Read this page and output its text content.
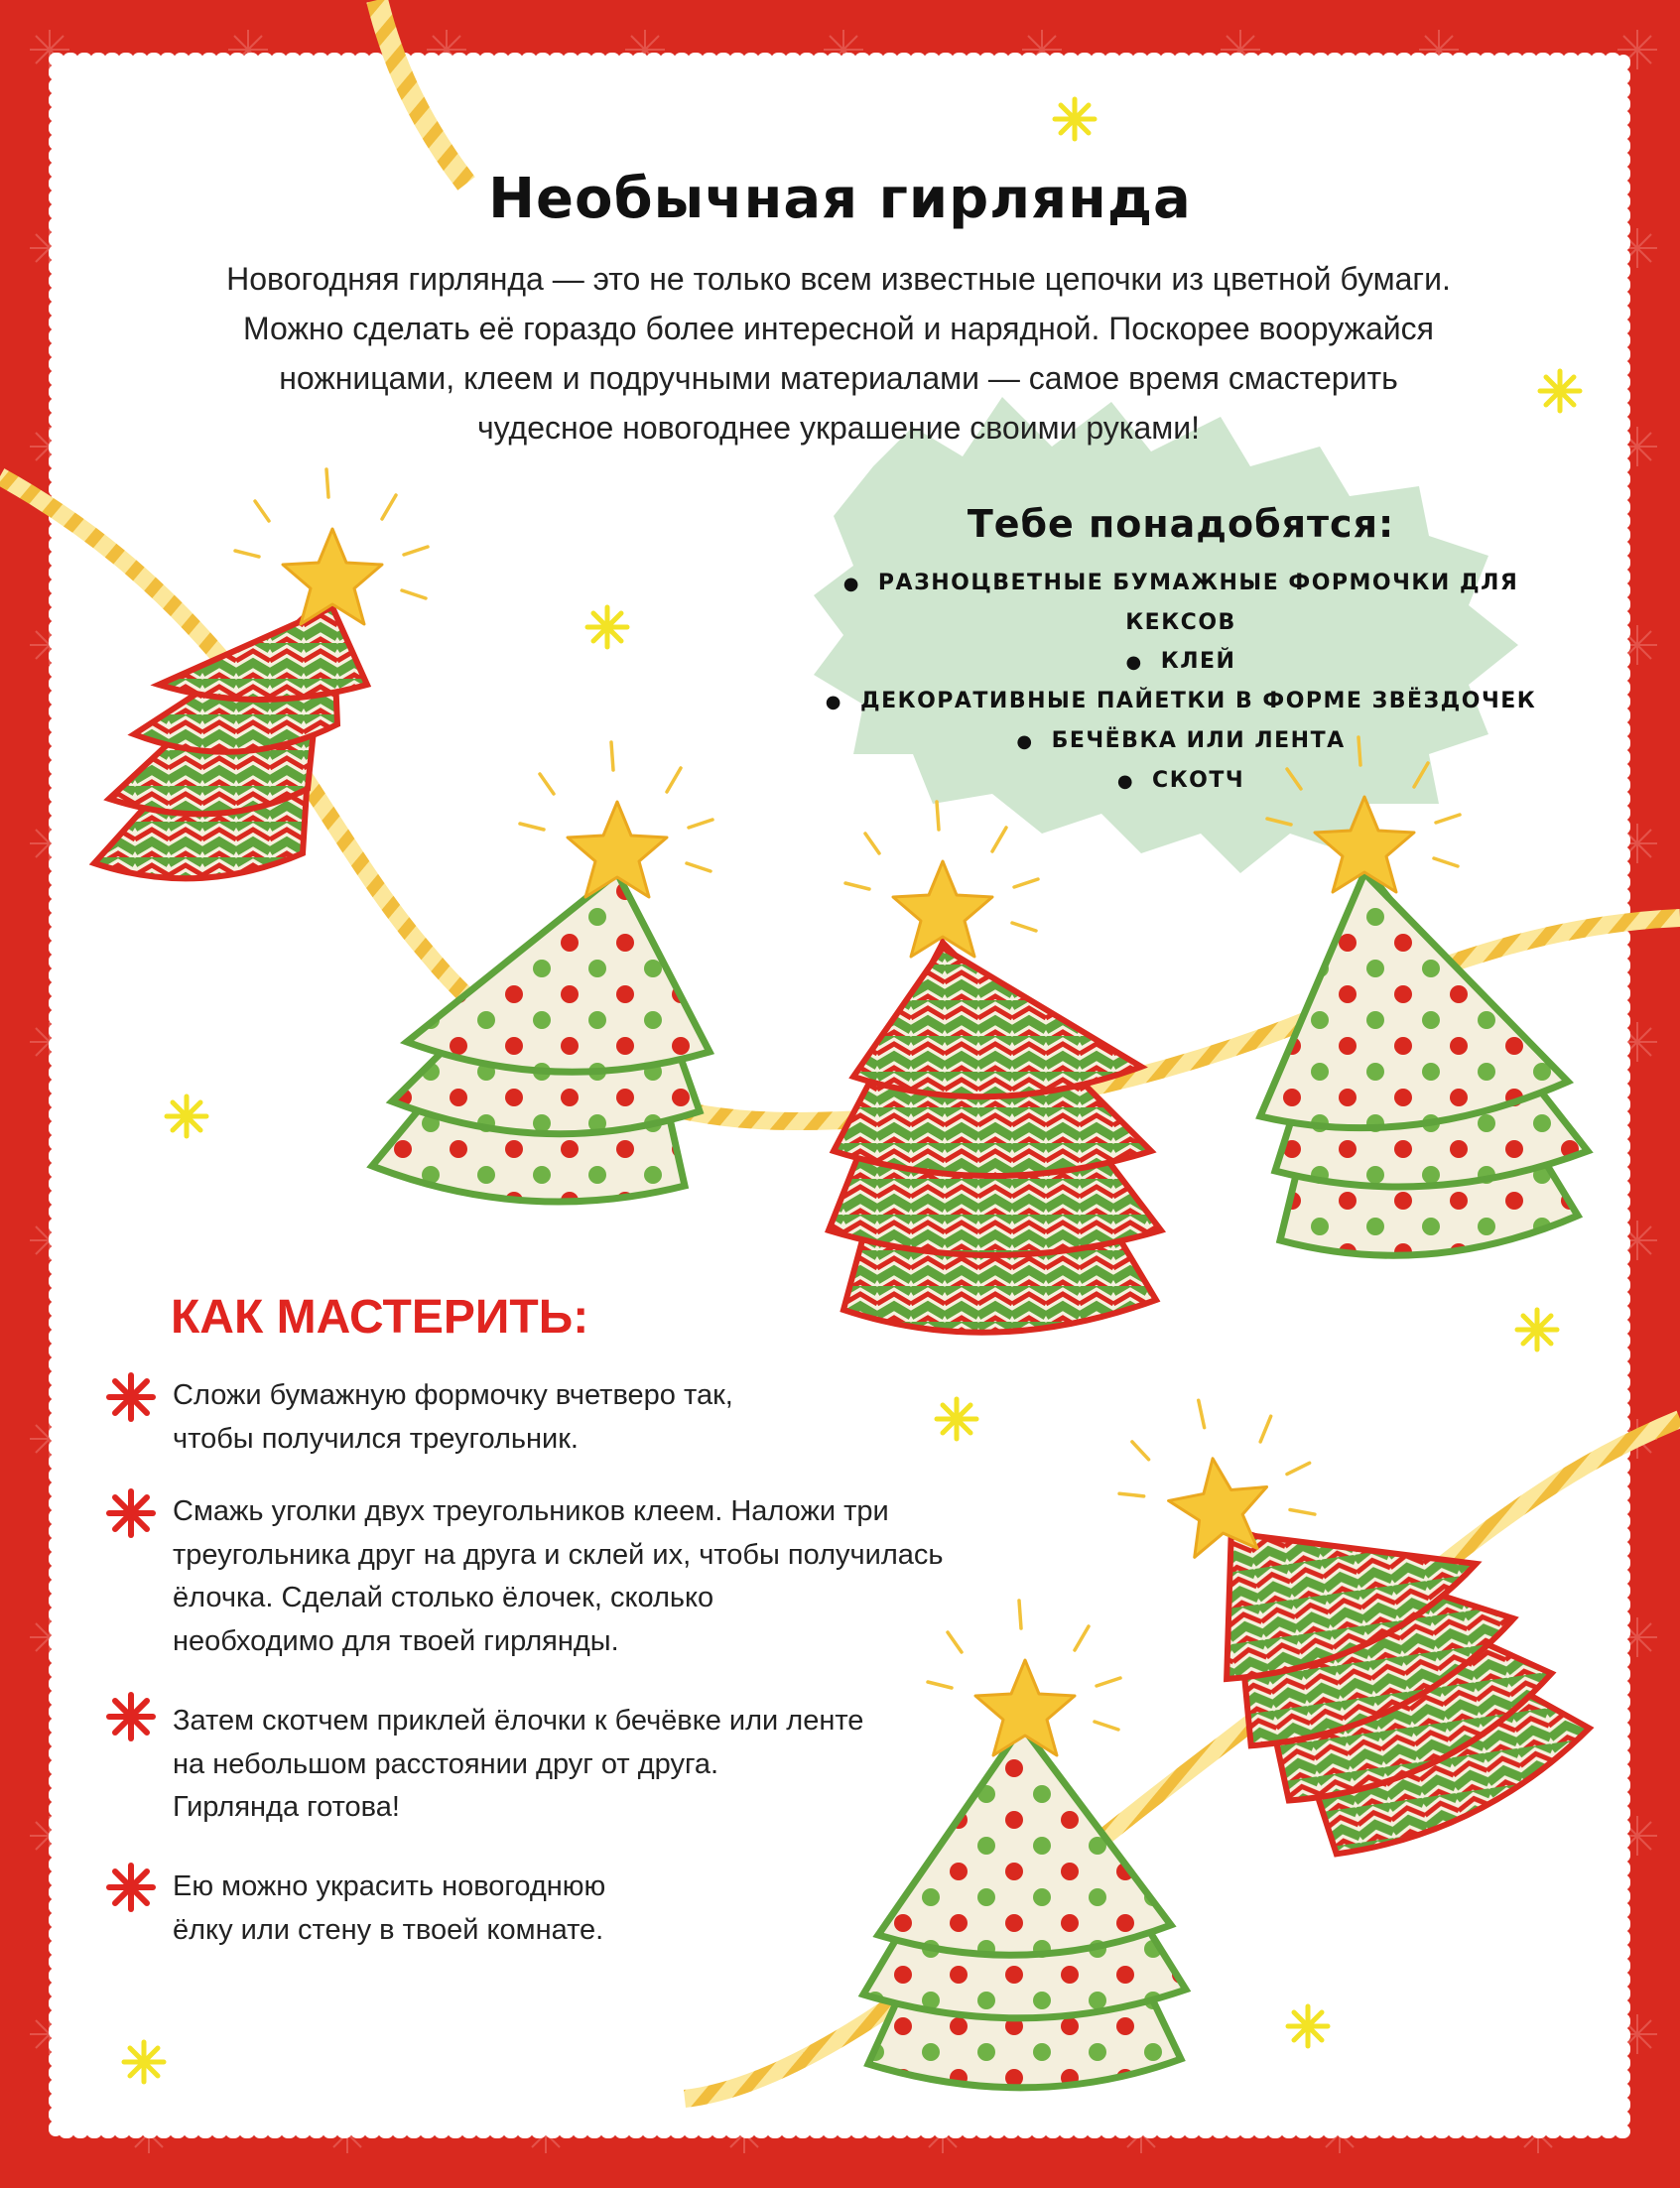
Необычная гирлянда

Новогодняя гирлянда — это не только всем известные цепочки из цветной бумаги.
Можно сделать её гораздо более интересной и нарядной. Поскорее вооружайся
ножницами, клеем и подручными материалами — самое время смастерить
чудесное новогоднее украшение своими руками!

Тебе понадобятся:
● РАЗНОЦВЕТНЫЕ БУМАЖНЫЕ ФОРМОЧКИ ДЛЯ КЕКСОВ
● КЛЕЙ
● ДЕКОРАТИВНЫЕ ПАЙЕТКИ В ФОРМЕ ЗВЁЗДОЧЕК
● БЕЧЁВКА ИЛИ ЛЕНТА
● СКОТЧ
КАК МАСТЕРИТЬ:

Сложи бумажную формочку вчетверо так,
чтобы получился треугольник.

Смажь уголки двух треугольников клеем. Наложи три
треугольника друг на друга и склей их, чтобы получилась
ёлочка. Сделай столько ёлочек, сколько
необходимо для твоей гирлянды.

Затем скотчем приклей ёлочки к бечёвке или ленте
на небольшом расстоянии друг от друга.
Гирлянда готова!

Ею можно украсить новогоднюю
ёлку или стену в твоей комнате.
